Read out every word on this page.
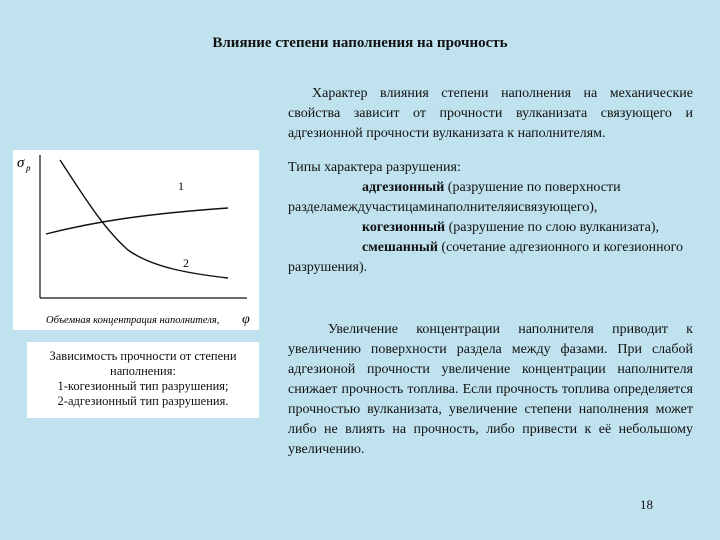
Влияние степени наполнения на прочность
σ р
1
2
Объемная концентрация наполнителя, φ
Зависимость прочности от степени
наполнения:
1-когезионный тип разрушения;
2-адгезионный тип разрушения.
Характер влияния степени наполнения на механические свойства зависит от прочности вулканизата связующего и адгезионной прочности вулканизата к наполнителям.
Типы характера разрушения:
адгезионный (разрушение по поверхности разделамеждучастицаминаполнителяисвязующего),
когезионный (разрушение по слою вулканизата),
смешанный (сочетание адгезионного и когезионного разрушения).
Увеличение концентрации наполнителя приводит к увеличению поверхности раздела между фазами. При слабой адгезионой прочности увеличение концентрации наполнителя снижает прочность топлива. Если прочность топлива определяется прочностью вулканизата, увеличение степени наполнения может либо не влиять на прочность, либо привести к её небольшому увеличению.
18
